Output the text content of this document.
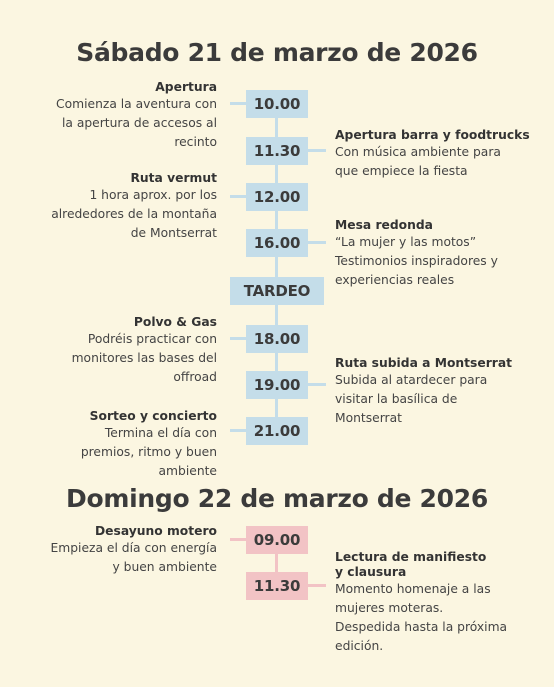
Sábado 21 de marzo de 2026
10.00
Apertura
Comienza la aventura con
la apertura de accesos al
recinto	11.30
Apertura barra y foodtrucks
Con música ambiente para
que empiece la fiesta
12.00
Ruta vermut
1 hora aprox. por los
alrededores de la montaña
de Montserrat
16.00
Mesa redonda
“La mujer y las motos”
Testimonios inspiradores y
experiencias reales
TARDEO
18.00
Polvo & Gas
Podréis practicar con
monitores las bases del
offroad	19.00
Ruta subida a Montserrat
Subida al atardecer para
visitar la basílica de
Montserrat
21.00
Sorteo y concierto
Termina el día con
premios, ritmo y buen
ambiente
Domingo 22 de marzo de 2026
09.00
Desayuno motero
Empieza el día con energía
y buen ambiente
11.30
Lectura de manifiesto
y clausura
Momento homenaje a las
mujeres moteras.
Despedida hasta la próxima
edición.
